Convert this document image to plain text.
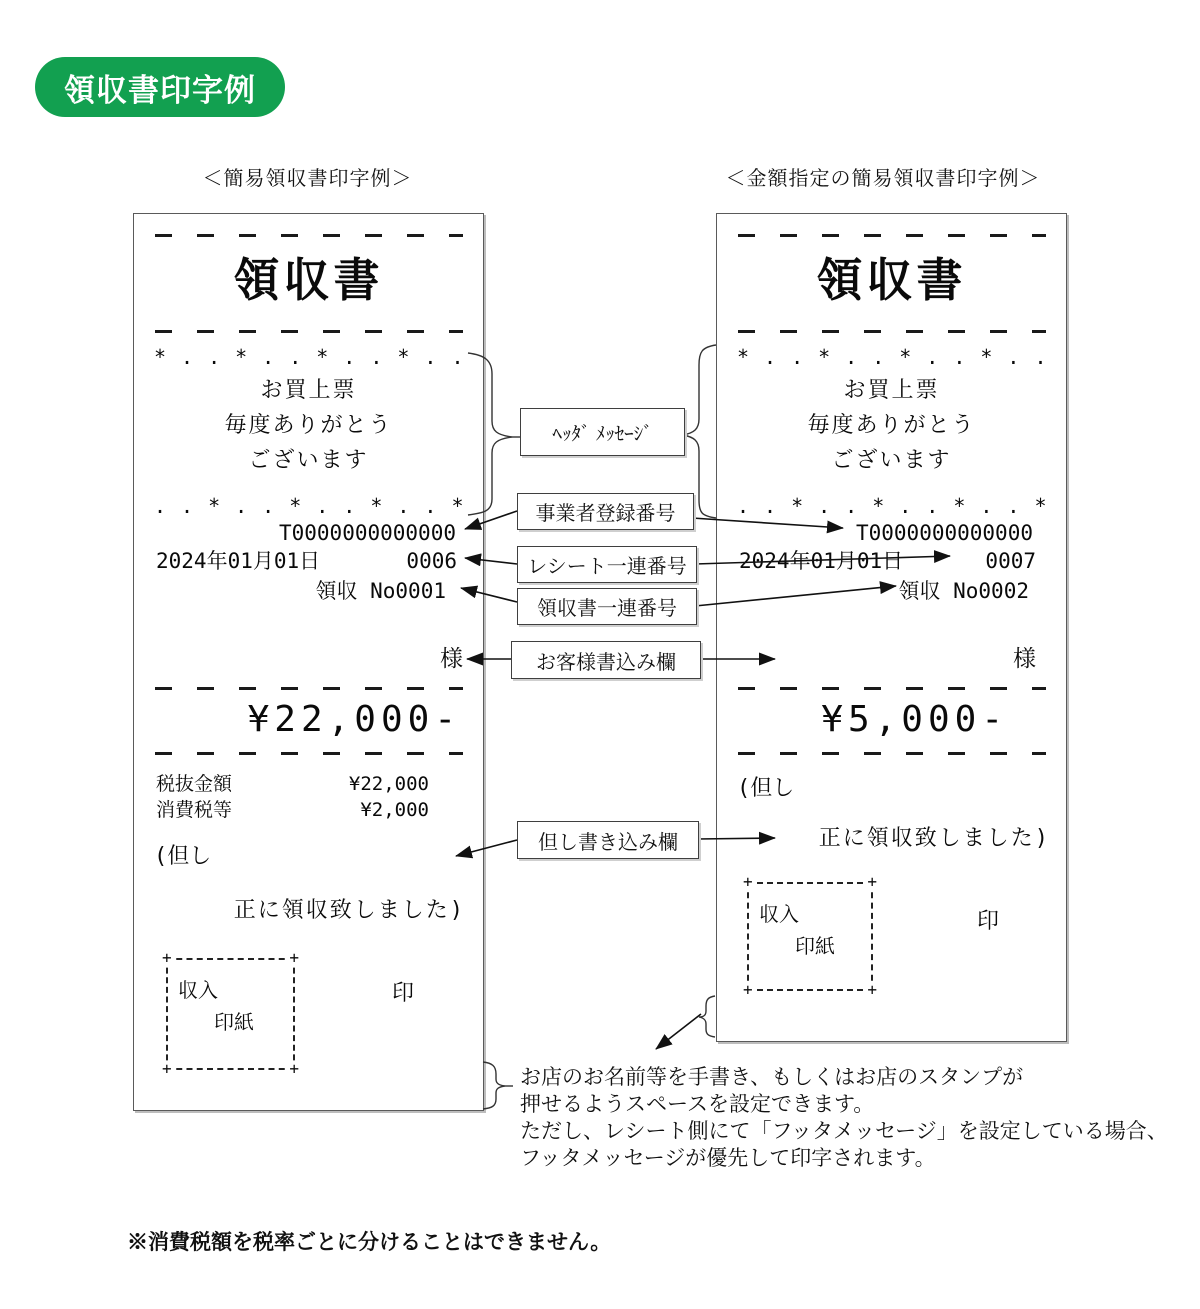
領収書印字例
＜簡易領収書印字例＞	＜金額指定の簡易領収書印字例＞
領収書
*..*..*..*..
お買上票
毎度ありがとう
ございます
..*..*..*..*
T0000000000000
2024年01月01日	0006
領収 No0001
様
¥22,000-
税抜金額	¥22,000
消費税等	¥2,000
(但し
正に領収致しました)
+	+
+	+
収入
印紙
印
領収書
*..*..*..*..
お買上票
毎度ありがとう
ございます
..*..*..*..*
T0000000000000
2024年01月01日	0007
領収 No0002
様
¥5,000-
(但し
正に領収致しました)
+	+
+	+
収入
印紙
印
ﾍｯﾀﾞ ﾒｯｾｰｼﾞ
事業者登録番号
レシート一連番号
領収書一連番号
お客様書込み欄
但し書き込み欄
お店のお名前等を手書き、もしくはお店のスタンプが
押せるようスペースを設定できます。
ただし、レシート側にて「フッタメッセージ」を設定している場合、
フッタメッセージが優先して印字されます。
※消費税額を税率ごとに分けることはできません。
